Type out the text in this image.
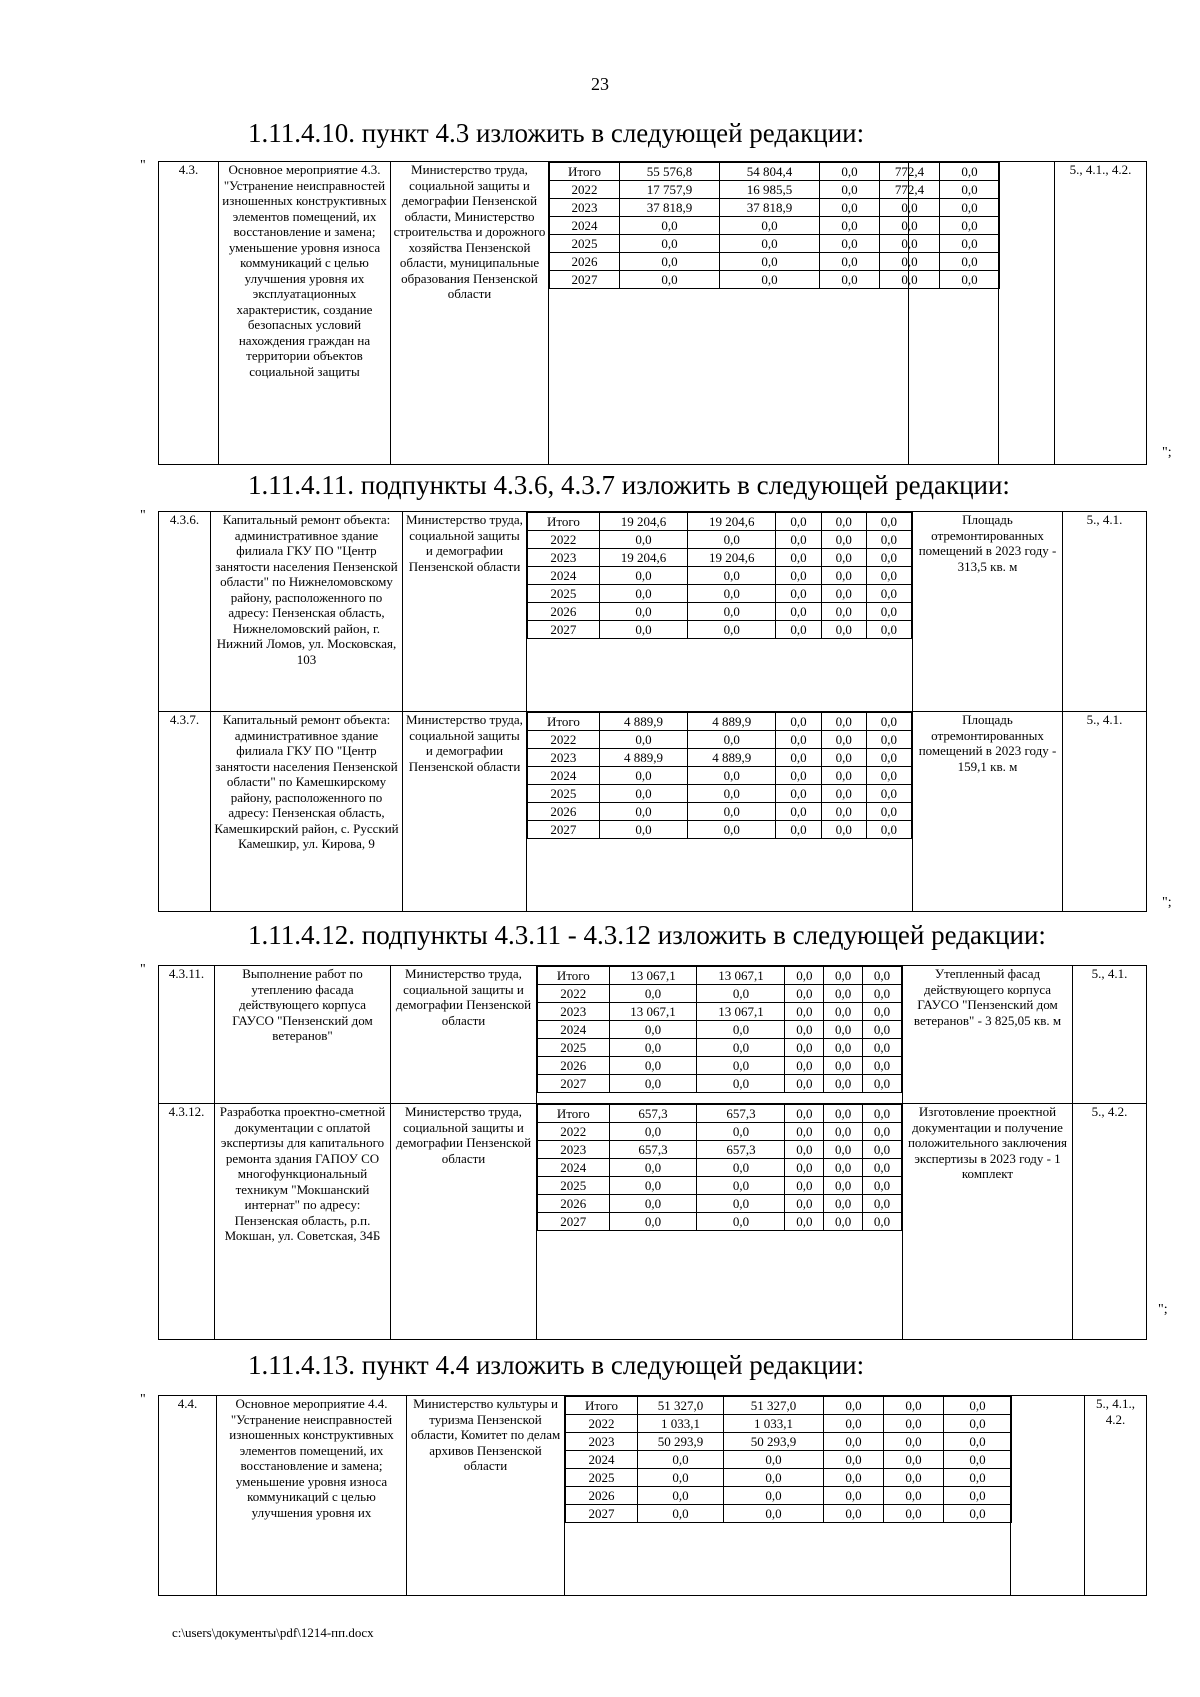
23
1.11.4.10. пункт 4.3 изложить в следующей редакции:
"	4.3.	Основное мероприятие 4.3. "Устранение неисправностей изношенных конструктивных элементов помещений, их восстановление и замена; уменьшение уровня износа коммуникаций с целью улучшения уровня их эксплуатационных характеристик, создание безопасных условий нахождения граждан на территории объектов социальной защиты	Министерство труда, социальной защиты и демографии Пензенской области, Министерство строительства и дорожного хозяйства Пензенской области, муниципальные образования Пензенской области	
Итого	55 576,8	54 804,4	0,0	772,4	0,0
2022	17 757,9	16 985,5	0,0	772,4	0,0
2023	37 818,9	37 818,9	0,0	0,0	0,0
2024	0,0	0,0	0,0	0,0	0,0
2025	0,0	0,0	0,0	0,0	0,0
2026	0,0	0,0	0,0	0,0	0,0
2027	0,0	0,0	0,0	0,0	0,0
			5., 4.1., 4.2.
";
1.11.4.11. подпункты 4.3.6, 4.3.7 изложить в следующей редакции:
" 4.3.6.	Капитальный ремонт объекта: административное здание филиала ГКУ ПО "Центр занятости населения Пензенской области" по Нижнеломовскому району, расположенного по адресу: Пензенская область, Нижнеломовский район, г. Нижний Ломов, ул. Московская, 103	Министерство труда, социальной защиты и демографии Пензенской области	
Итого	19 204,6	19 204,6	0,0	0,0	0,0
2022	0,0	0,0	0,0	0,0	0,0
2023	19 204,6	19 204,6	0,0	0,0	0,0
2024	0,0	0,0	0,0	0,0	0,0
2025	0,0	0,0	0,0	0,0	0,0
2026	0,0	0,0	0,0	0,0	0,0
2027	0,0	0,0	0,0	0,0	0,0
	Площадь отремонтированных помещений в 2023 году - 313,5 кв. м	5., 4.1.
4.3.7.	Капитальный ремонт объекта: административное здание филиала ГКУ ПО "Центр занятости населения Пензенской области" по Камешкирскому району, расположенного по адресу: Пензенская область, Камешкирский район, с. Русский Камешкир, ул. Кирова, 9	Министерство труда, социальной защиты и демографии Пензенской области	
Итого	4 889,9	4 889,9	0,0	0,0	0,0
2022	0,0	0,0	0,0	0,0	0,0
2023	4 889,9	4 889,9	0,0	0,0	0,0
2024	0,0	0,0	0,0	0,0	0,0
2025	0,0	0,0	0,0	0,0	0,0
2026	0,0	0,0	0,0	0,0	0,0
2027	0,0	0,0	0,0	0,0	0,0
	Площадь отремонтированных помещений в 2023 году - 159,1 кв. м	5., 4.1.
";
1.11.4.12. подпункты 4.3.11 - 4.3.12 изложить в следующей редакции:
" 4.3.11.	Выполнение работ по утеплению фасада действующего корпуса ГАУСО "Пензенский дом ветеранов"	Министерство труда, социальной защиты и демографии Пензенской области	
Итого	13 067,1	13 067,1	0,0	0,0	0,0
2022	0,0	0,0	0,0	0,0	0,0
2023	13 067,1	13 067,1	0,0	0,0	0,0
2024	0,0	0,0	0,0	0,0	0,0
2025	0,0	0,0	0,0	0,0	0,0
2026	0,0	0,0	0,0	0,0	0,0
2027	0,0	0,0	0,0	0,0	0,0
	Утепленный фасад действующего корпуса ГАУСО "Пензенский дом ветеранов" - 3 825,05 кв. м	5., 4.1.
4.3.12.	Разработка проектно-сметной документации с оплатой экспертизы для капитального ремонта здания ГАПОУ СО многофункциональный техникум "Мокшанский интернат" по адресу: Пензенская область, р.п. Мокшан, ул. Советская, 34Б	Министерство труда, социальной защиты и демографии Пензенской области	
Итого	657,3	657,3	0,0	0,0	0,0
2022	0,0	0,0	0,0	0,0	0,0
2023	657,3	657,3	0,0	0,0	0,0
2024	0,0	0,0	0,0	0,0	0,0
2025	0,0	0,0	0,0	0,0	0,0
2026	0,0	0,0	0,0	0,0	0,0
2027	0,0	0,0	0,0	0,0	0,0
	Изготовление проектной документации и получение положительного заключения экспертизы в 2023 году - 1 комплект	5., 4.2.
";
1.11.4.13. пункт 4.4 изложить в следующей редакции:
" 4.4.	Основное мероприятие 4.4. "Устранение неисправностей изношенных конструктивных элементов помещений, их восстановление и замена; уменьшение уровня износа коммуникаций с целью улучшения уровня их	Министерство культуры и туризма Пензенской области, Комитет по делам архивов Пензенской области	
Итого	51 327,0	51 327,0	0,0	0,0	0,0
2022	1 033,1	1 033,1	0,0	0,0	0,0
2023	50 293,9	50 293,9	0,0	0,0	0,0
2024	0,0	0,0	0,0	0,0	0,0
2025	0,0	0,0	0,0	0,0	0,0
2026	0,0	0,0	0,0	0,0	0,0
2027	0,0	0,0	0,0	0,0	0,0
		5., 4.1., 4.2.
c:\users\документы\pdf\1214-пп.docx
